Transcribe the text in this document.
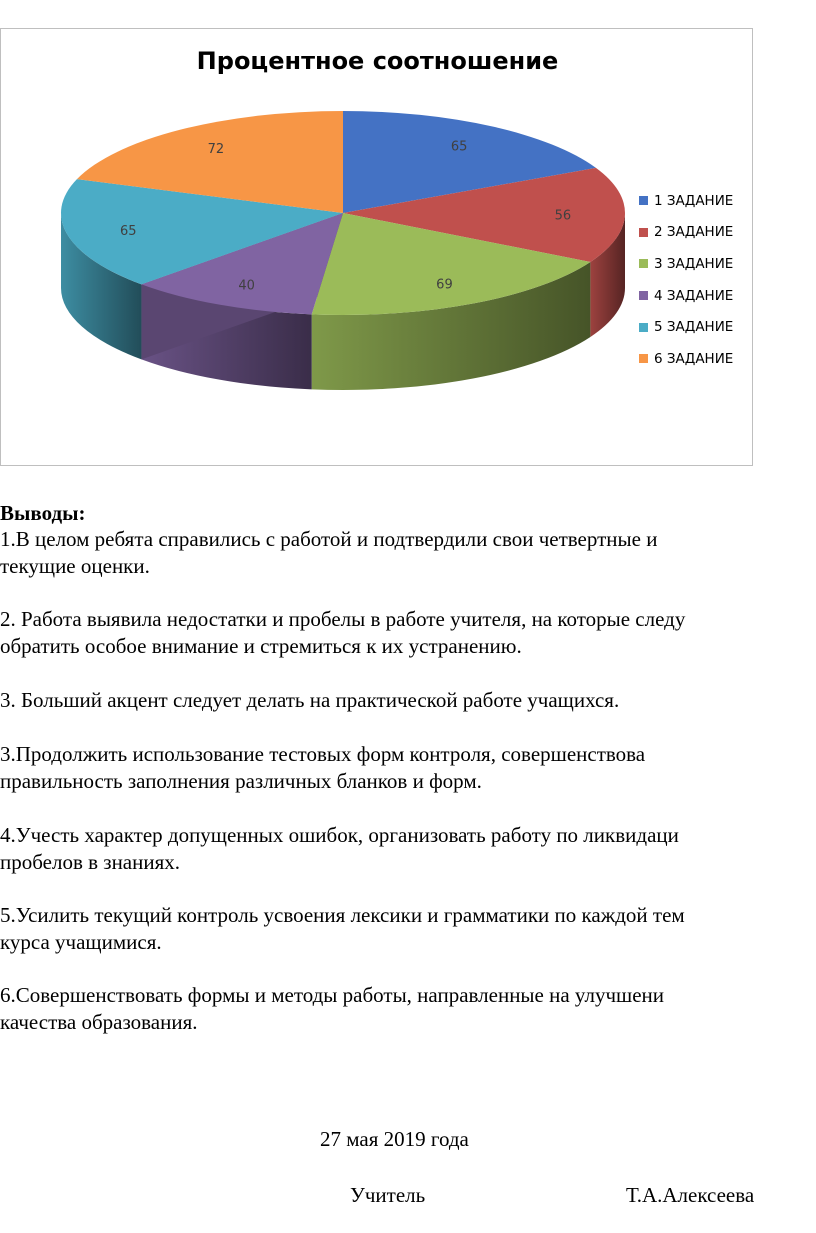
65
56
69
40
65
72
Процентное соотношение
1 ЗАДАНИЕ
2 ЗАДАНИЕ
3 ЗАДАНИЕ
4 ЗАДАНИЕ
5 ЗАДАНИЕ
6 ЗАДАНИЕ
Выводы:
1.В целом ребята справились с работой и подтвердили свои четвертные и
текущие оценки.
2. Работа выявила недостатки и пробелы в работе учителя, на которые следу
обратить особое внимание и стремиться к их устранению.
3. Больший акцент следует делать на практической работе учащихся.
3.Продолжить использование тестовых форм контроля, совершенствова
правильность заполнения различных бланков и форм.
4.Учесть характер допущенных ошибок, организовать работу по ликвидаци
пробелов в знаниях.
5.Усилить текущий контроль усвоения лексики и грамматики по каждой тем
курса учащимися.
6.Совершенствовать формы и методы работы, направленные на улучшени
качества образования.
27 мая 2019 года
Учитель	Т.А.Алексеева
